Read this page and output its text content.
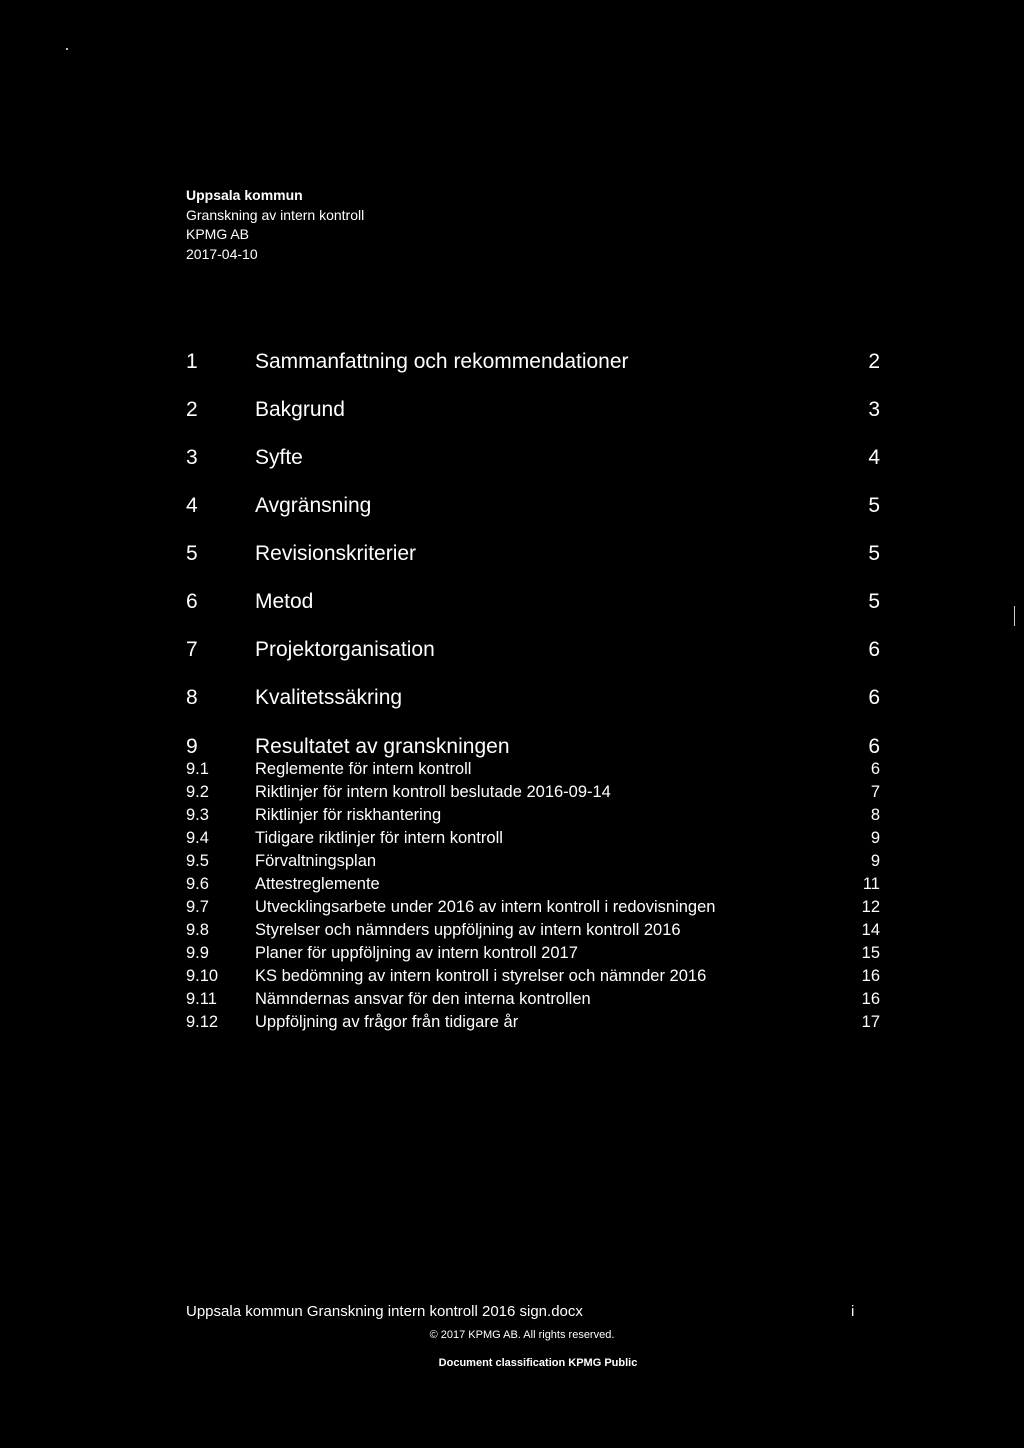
Uppsala kommun
Granskning av intern kontroll
KPMG AB
2017-04-10
1	Sammanfattning och rekommendationer	2
2	Bakgrund	3
3	Syfte	4
4	Avgränsning	5
5	Revisionskriterier	5
6	Metod	5
7	Projektorganisation	6
8	Kvalitetssäkring	6
9	Resultatet av granskningen	6
9.1	Reglemente för intern kontroll	6
9.2	Riktlinjer för intern kontroll beslutade 2016-09-14	7
9.3	Riktlinjer för riskhantering	8
9.4	Tidigare riktlinjer för intern kontroll	9
9.5	Förvaltningsplan	9
9.6	Attestreglemente	11
9.7	Utvecklingsarbete under 2016 av intern kontroll i redovisningen	12
9.8	Styrelser och nämnders uppföljning av intern kontroll 2016	14
9.9	Planer för uppföljning av intern kontroll 2017	15
9.10 KS bedömning av intern kontroll i styrelser och nämnder 2016	16
9.11 Nämndernas ansvar för den interna kontrollen	16
9.12 Uppföljning av frågor från tidigare år	17
Uppsala kommun Granskning intern kontroll 2016 sign.docx	i
© 2017 KPMG AB. All rights reserved.
Document classification KPMG Public
